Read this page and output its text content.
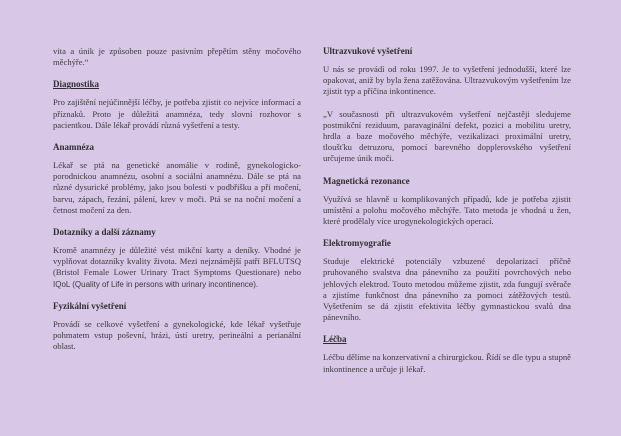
vita a únik je způsoben pouze pasivním přepětím stěny močového měchýře.“

Diagnostika

Pro zajištění nejúčinnější léčby, je potřeba zjistit co nejvíce informací a příznaků. Proto je důležitá anamnéza, tedy slovní rozhovor s pacientkou. Dále lékař provádí různá vyšetření a testy.

Anamnéza

Lékař se ptá na genetické anomálie v rodině, gynekologicko-porodnickou anamnézu, osobní a sociální anamnézu. Dále se ptá na různé dysurické problémy, jako jsou bolesti v podbřišku a při močení, barvu, zápach, řezání, pálení, krev v moči. Ptá se na noční močení a četnost močení za den.

Dotazníky a další záznamy

Kromě anamnézy je důležité vést mikční karty a deníky. Vhodné je vyplňovat dotazníky kvality života. Mezi nejznámější patří BFLUTSQ (Bristol Female Lower Urinary Tract Symptoms Questionare) nebo IQoL (Quality of Life in persons with urinary incontinence).

Fyzikální vyšetření

Provádí se celkové vyšetření a gynekologické, kde lékař vyšetřuje pohmatem vstup poševní, hrázi, ústí uretry, perineální a perianální oblast.

Ultrazvukové vyšetření

U nás se provádí od roku 1997. Je to vyšetření jednodušší, které lze opakovat, aniž by byla žena zatěžována. Ultrazvukovým vyšetřením lze zjistit typ a příčina inkontinence.

„V současnosti při ultrazvukovém vyšetření nejčastěji sledujeme postmikční reziduum, paravaginální defekt, pozici a mobilitu uretry, hrdla a baze močového měchýře, vezikalizaci proximální uretry, tloušťku detruzoru, pomocí barevného dopplerovského vyšetření určujeme únik moči.

Magnetická rezonance

Využívá se hlavně u komplikovaných případů, kde je potřeba zjistit umístění a polohu močového měchýře. Tato metoda je vhodná u žen, které prodělaly více urogynekologických operací.

Elektromyografie

Studuje elektrické potenciály vzbuzené depolarizací příčně pruhovaného svalstva dna pánevního za použití povrchových nebo jehlových elektrod. Touto metodou můžeme zjistit, zda fungují svěrače a zjistíme funkčnost dna pánevního za pomoci zátěžových testů. Vyšetřením se dá zjistit efektivita léčby gymnastickou svalů dna pánevního.

Léčba

Léčbu dělíme na konzervativní a chirurgickou. Řídí se dle typu a stupně inkontinence a určuje ji lékař.
